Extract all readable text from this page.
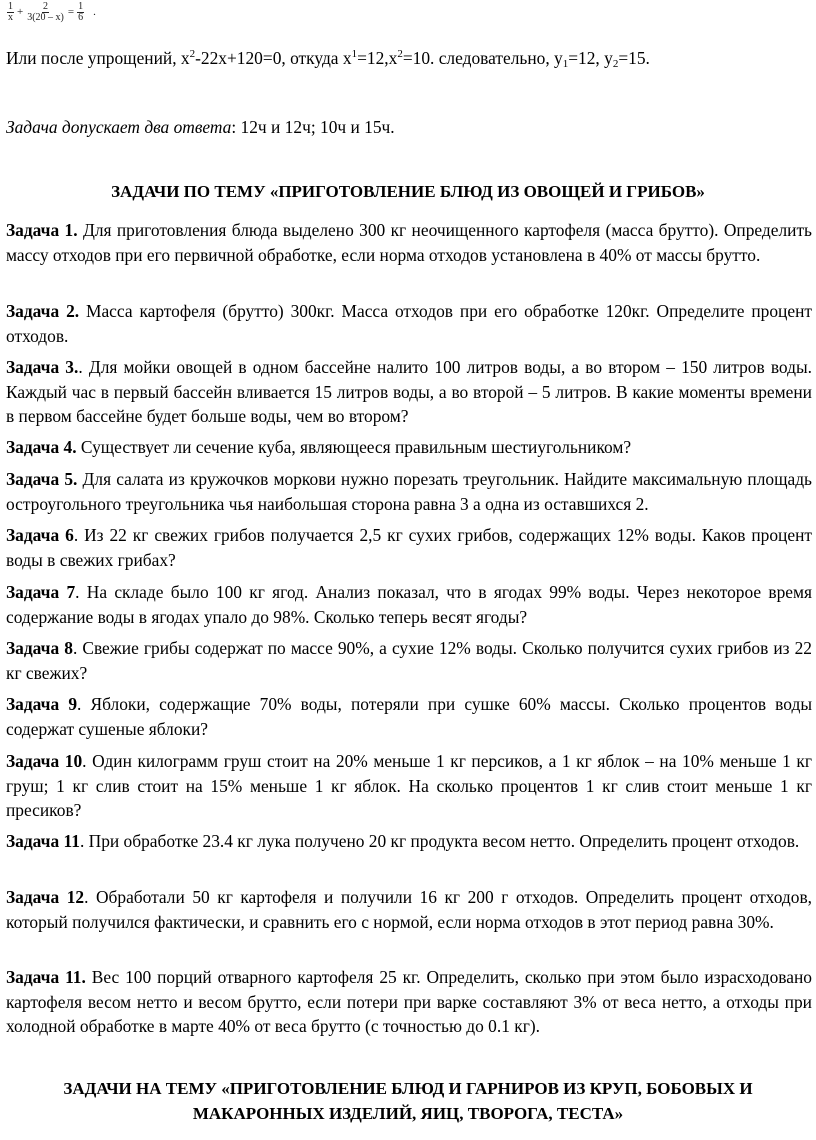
$\frac{1}{x} + \frac{2}{3(20 - x)} = \frac{1}{6}$ .
Или после упрощений, $x^2-22x+120=0$, откуда $x^1=12,x^2=10$. следовательно, $y_1=12$, $y_2=15$.
Задача допускает два ответа: 12ч и 12ч; 10ч и 15ч.
ЗАДАЧИ ПО ТЕМУ «ПРИГОТОВЛЕНИЕ БЛЮД ИЗ ОВОЩЕЙ И ГРИБОВ»
Задача 1. Для приготовления блюда выделено 300 кг неочищенного картофеля (масса брутто). Определить массу отходов при его первичной обработке, если норма отходов установлена в 40% от массы брутто.
Задача 2. Масса картофеля (брутто) 300кг. Масса отходов при его обработке 120кг. Определите процент отходов.
Задача 3.. Для мойки овощей в одном бассейне налито 100 литров воды, а во втором – 150 литров воды. Каждый час в первый бассейн вливается 15 литров воды, а во второй – 5 литров. В какие моменты времени в первом бассейне будет больше воды, чем во втором?
Задача 4. Существует ли сечение куба, являющееся правильным шестиугольником?
Задача 5. Для салата из кружочков моркови нужно порезать треугольник. Найдите максимальную площадь остроугольного треугольника чья наибольшая сторона равна 3 а одна из оставшихся 2.
Задача 6. Из 22 кг свежих грибов получается 2,5 кг сухих грибов, содержащих 12% воды. Каков процент воды в свежих грибах?
Задача 7. На складе было 100 кг ягод. Анализ показал, что в ягодах 99% воды. Через некоторое время содержание воды в ягодах упало до 98%. Сколько теперь весят ягоды?
Задача 8. Свежие грибы содержат по массе 90%, а сухие 12% воды. Сколько получится сухих грибов из 22 кг свежих?
Задача 9. Яблоки, содержащие 70% воды, потеряли при сушке 60% массы. Сколько процентов воды содержат сушеные яблоки?
Задача 10. Один килограмм груш стоит на 20% меньше 1 кг персиков, а 1 кг яблок – на 10% меньше 1 кг груш; 1 кг слив стоит на 15% меньше 1 кг яблок. На сколько процентов 1 кг слив стоит меньше 1 кг пресиков?
Задача 11. При обработке 23.4 кг лука получено 20 кг продукта весом нетто. Определить процент отходов.
Задача 12. Обработали 50 кг картофеля и получили 16 кг 200 г отходов. Определить процент отходов, который получился фактически, и сравнить его с нормой, если норма отходов в этот период равна 30%.
Задача 11. Вес 100 порций отварного картофеля 25 кг. Определить, сколько при этом было израсходовано картофеля весом нетто и весом брутто, если потери при варке составляют 3% от веса нетто, а отходы при холодной обработке в марте 40% от веса брутто (с точностью до 0.1 кг).
ЗАДАЧИ НА ТЕМУ «ПРИГОТОВЛЕНИЕ БЛЮД И ГАРНИРОВ ИЗ КРУП, БОБОВЫХ И
МАКАРОННЫХ ИЗДЕЛИЙ, ЯИЦ, ТВОРОГА, ТЕСТА»
